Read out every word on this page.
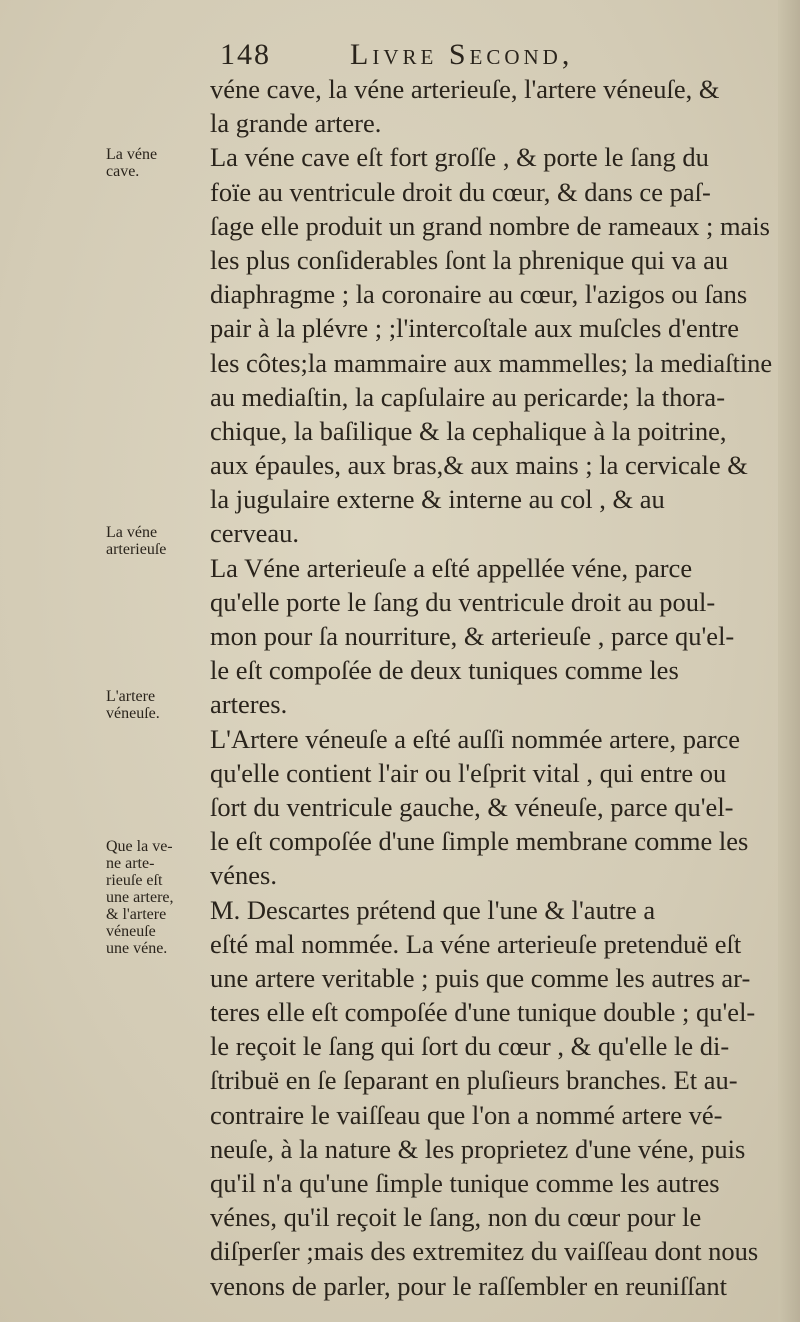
148	Livre Second,
véne cave, la véne arterieuſe, l'artere véneuſe, &
la grande artere.
La véne cave eſt fort groſſe , & porte le ſang du
foïe au ventricule droit du cœur, & dans ce paſ-
ſage elle produit un grand nombre de rameaux ; mais
les plus conſiderables ſont la phrenique qui va au
diaphragme ; la coronaire au cœur, l'azigos ou ſans
pair à la plévre ; ;l'intercoſtale aux muſcles d'entre
les côtes;la mammaire aux mammelles; la mediaſtine
au mediaſtin, la capſulaire au pericarde; la thora-
chique, la baſilique & la cephalique à la poitrine,
aux épaules, aux bras,& aux mains ; la cervicale &
la jugulaire externe & interne au col , & au
cerveau.
La Véne arterieuſe a eſté appellée véne, parce
qu'elle porte le ſang du ventricule droit au poul-
mon pour ſa nourriture, & arterieuſe , parce qu'el-
le eſt compoſée de deux tuniques comme les
arteres.
L'Artere véneuſe a eſté auſſi nommée artere, parce
qu'elle contient l'air ou l'eſprit vital , qui entre ou
ſort du ventricule gauche, & véneuſe, parce qu'el-
le eſt compoſée d'une ſimple membrane comme les
vénes.
M. Descartes prétend que l'une & l'autre a
eſté mal nommée. La véne arterieuſe pretenduë eſt
une artere veritable ; puis que comme les autres ar-
teres elle eſt compoſée d'une tunique double ; qu'el-
le reçoit le ſang qui ſort du cœur , & qu'elle le di-
ſtribuë en ſe ſeparant en pluſieurs branches. Et au-
contraire le vaiſſeau que l'on a nommé artere vé-
neuſe, à la nature & les proprietez d'une véne, puis
qu'il n'a qu'une ſimple tunique comme les autres
vénes, qu'il reçoit le ſang, non du cœur pour le
diſperſer ;mais des extremitez du vaiſſeau dont nous
venons de parler, pour le raſſembler en reuniſſant
La véne
cave.
La véne
arterieuſe
L'artere
véneuſe.
Que la ve-
ne arte-
rieuſe eſt
une artere,
& l'artere
véneuſe
une véne.
